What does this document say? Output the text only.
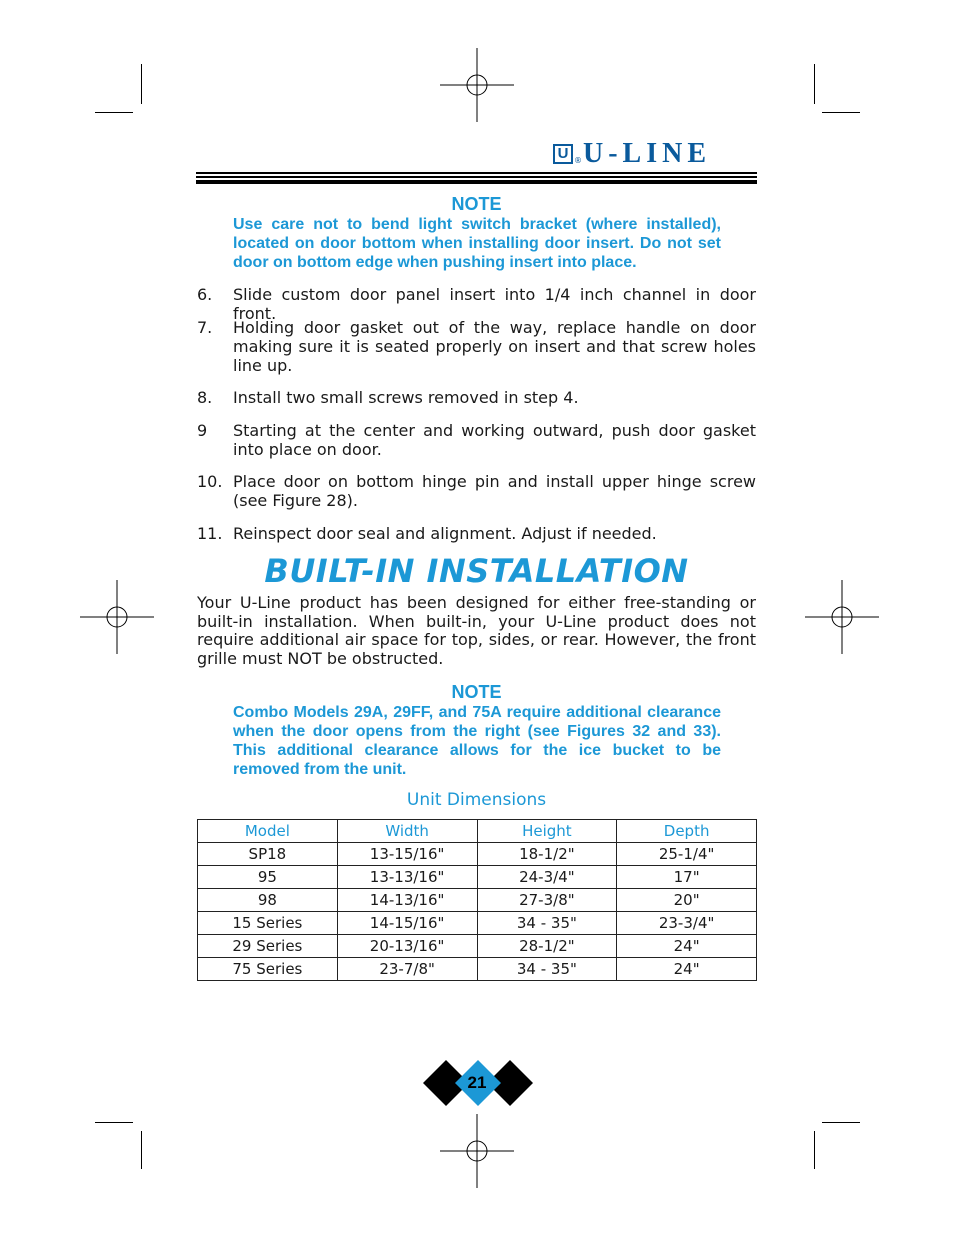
U ® U-LINE
NOTE
Use care not to bend light switch bracket (where installed), located on door bottom when installing door insert. Do not set door on bottom edge when pushing insert into place.
6. Slide custom door panel insert into 1/4 inch channel in door front.
7. Holding door gasket out of the way, replace handle on door making sure it is seated properly on insert and that screw holes line up.
8. Install two small screws removed in step 4.
9 Starting at the center and working outward, push door gasket into place on door.
10. Place door on bottom hinge pin and install upper hinge screw (see Figure 28).
11. Reinspect door seal and alignment. Adjust if needed.
BUILT-IN INSTALLATION
Your U-Line product has been designed for either free-standing or built-in installation. When built-in, your U-Line product does not require additional air space for top, sides, or rear. However, the front grille must NOT be obstructed.
NOTE
Combo Models 29A, 29FF, and 75A require additional clearance when the door opens from the right (see Figures 32 and 33). This additional clearance allows for the ice bucket to be removed from the unit.
Unit Dimensions
Model	Width	Height	Depth
SP18	13-15/16"	18-1/2"	25-1/4"
95	13-13/16"	24-3/4"	17"
98	14-13/16"	27-3/8"	20"
15 Series	14-15/16"	34 - 35"	23-3/4"
29 Series	20-13/16"	28-1/2"	24"
75 Series	23-7/8"	34 - 35"	24"
21
